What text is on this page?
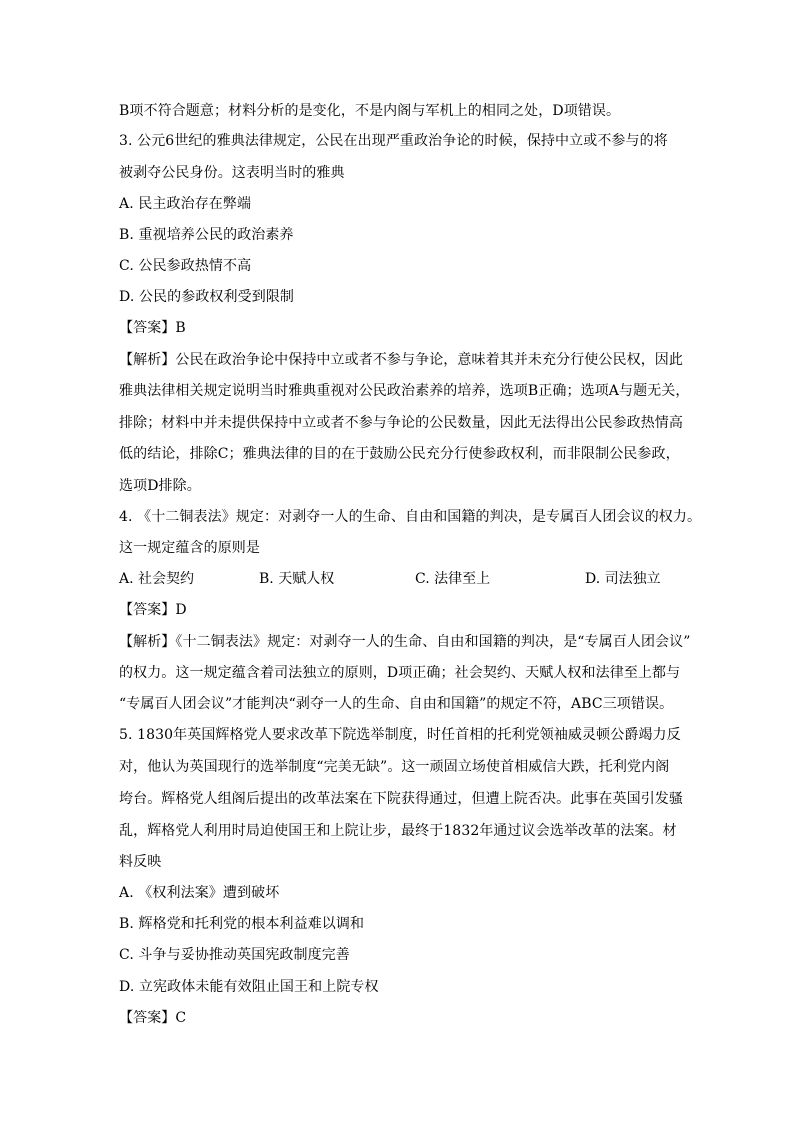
B项不符合题意；材料分析的是变化，不是内阁与军机上的相同之处，D项错误。
3. 公元6世纪的雅典法律规定，公民在出现严重政治争论的时候，保持中立或不参与的将
被剥夺公民身份。这表明当时的雅典
A. 民主政治存在弊端
B. 重视培养公民的政治素养
C. 公民参政热情不高
D. 公民的参政权利受到限制
【答案】B
【解析】公民在政治争论中保持中立或者不参与争论，意味着其并未充分行使公民权，因此
雅典法律相关规定说明当时雅典重视对公民政治素养的培养，选项B正确；选项A与题无关，
排除；材料中并未提供保持中立或者不参与争论的公民数量，因此无法得出公民参政热情高
低的结论，排除C；雅典法律的目的在于鼓励公民充分行使参政权利，而非限制公民参政，
选项D排除。
4. 《十二铜表法》规定：对剥夺一人的生命、自由和国籍的判决，是专属百人团会议的权力。
这一规定蕴含的原则是
A. 社会契约	B. 天赋人权	C. 法律至上	D. 司法独立
【答案】D
【解析】《十二铜表法》规定：对剥夺一人的生命、自由和国籍的判决，是“专属百人团会议”
的权力。这一规定蕴含着司法独立的原则，D项正确；社会契约、天赋人权和法律至上都与
“专属百人团会议”才能判决“剥夺一人的生命、自由和国籍”的规定不符，ABC三项错误。
5. 1830年英国辉格党人要求改革下院选举制度，时任首相的托利党领袖威灵顿公爵竭力反
对，他认为英国现行的选举制度“完美无缺”。这一顽固立场使首相威信大跌，托利党内阁
垮台。辉格党人组阁后提出的改革法案在下院获得通过，但遭上院否决。此事在英国引发骚
乱，辉格党人利用时局迫使国王和上院让步，最终于1832年通过议会选举改革的法案。材
料反映
A. 《权利法案》遭到破坏
B. 辉格党和托利党的根本利益难以调和
C. 斗争与妥协推动英国宪政制度完善
D. 立宪政体未能有效阻止国王和上院专权
【答案】C
